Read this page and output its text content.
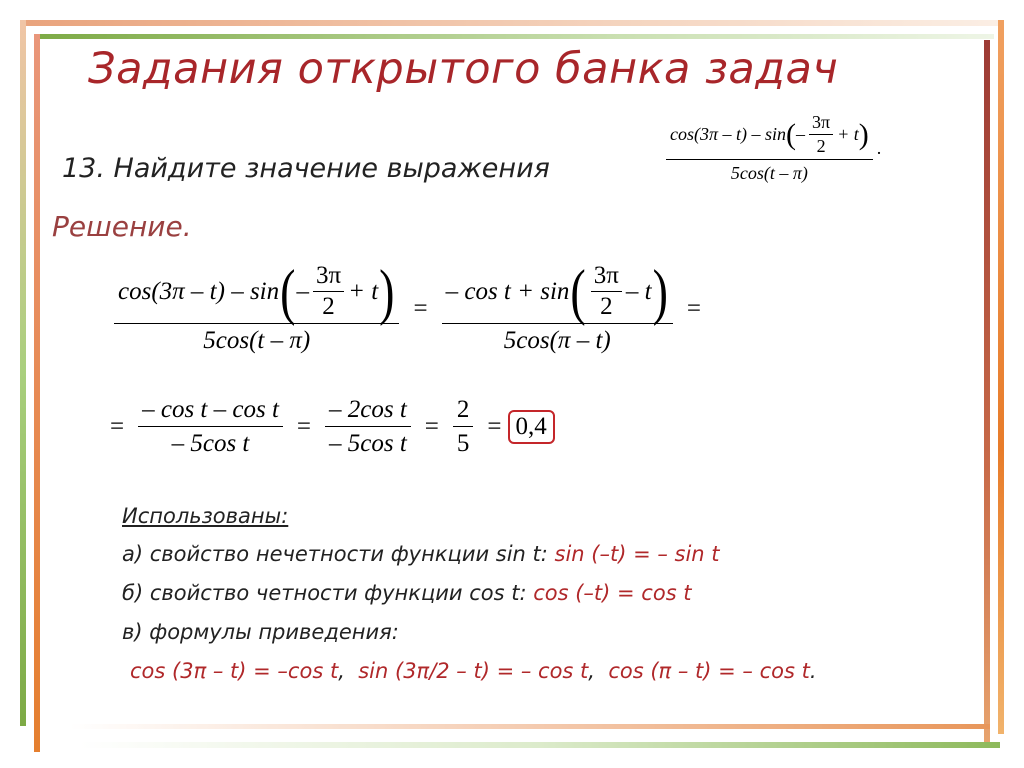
Задания открытого банка задач
13. Найдите значение выражения
cos(3π – t) – sin ( – $\frac{3\pi}{2} + t$ )
5cos(t – π)
.
Решение.
cos(3π – t) – sin ( – $\frac{3\pi}{2} + t$ )
5cos(t – π)
=
– cos t + sin ( $\frac{3\pi}{2}$ – t )
5cos(π – t)
=
= $\frac{\text{– cos t – cos t}}{\text{– 5cos t}} = \frac{\text{– 2cos t}}{\text{– 5cos t}} = \frac{2}{5} = 0,4$
Использованы:
а) свойство нечетности функции sin t: sin (–t) = – sin t
б) свойство четности функции cos t: cos (–t) = cos t
в) формулы приведения:
cos (3π – t) = –cos t, sin (3π/2 – t) = – cos t, cos (π – t) = – cos t.
